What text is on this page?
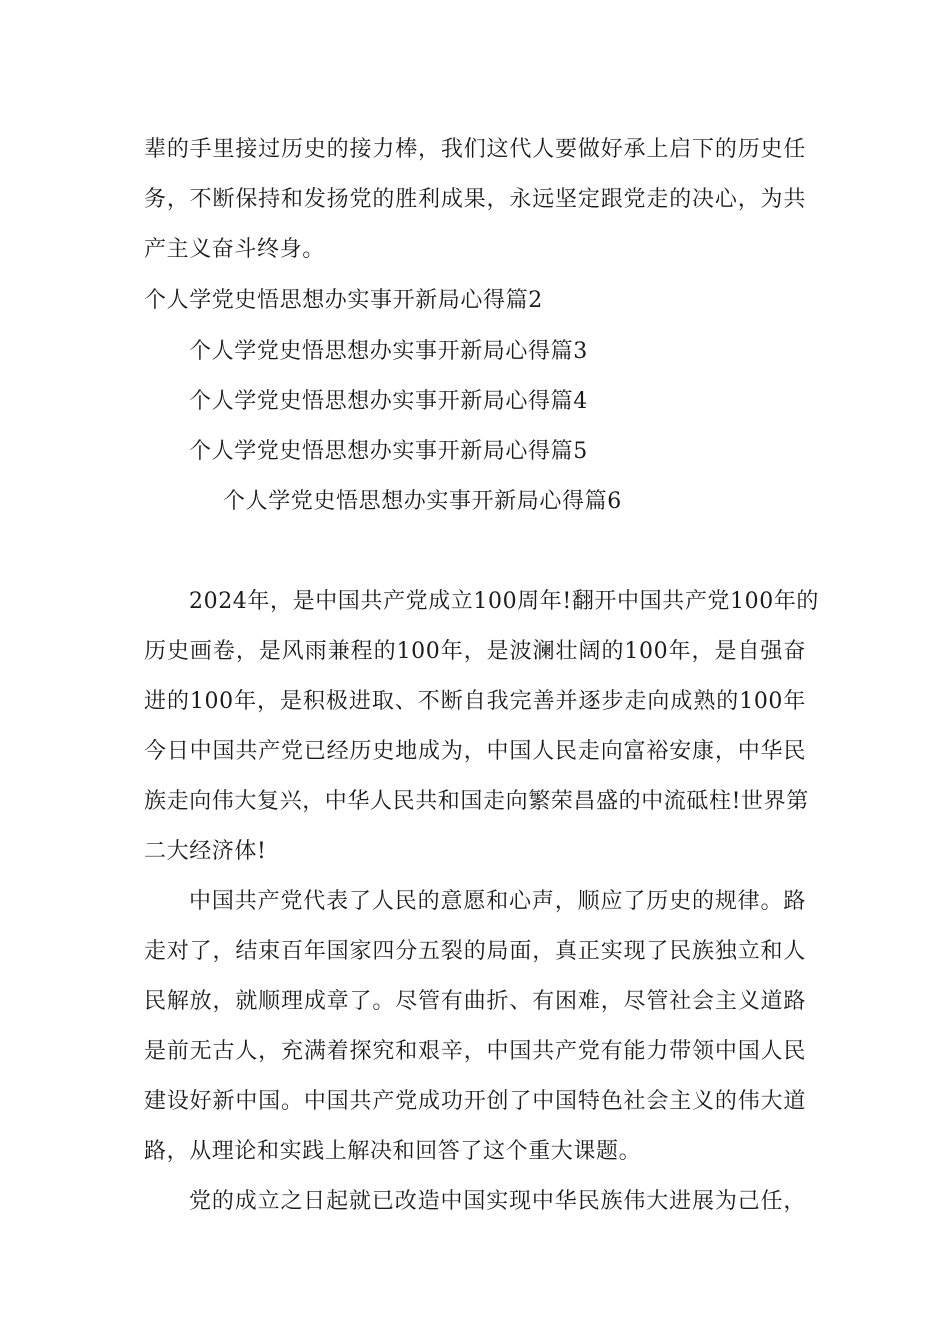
辈的手里接过历史的接力棒，我们这代人要做好承上启下的历史任
务，不断保持和发扬党的胜利成果，永远坚定跟党走的决心，为共
产主义奋斗终身。
个人学党史悟思想办实事开新局心得篇2
个人学党史悟思想办实事开新局心得篇3
个人学党史悟思想办实事开新局心得篇4
个人学党史悟思想办实事开新局心得篇5
个人学党史悟思想办实事开新局心得篇6
2024年，是中国共产党成立100周年!翻开中国共产党100年的
历史画卷，是风雨兼程的100年，是波澜壮阔的100年，是自强奋
进的100年，是积极进取、不断自我完善并逐步走向成熟的100年
今日中国共产党已经历史地成为，中国人民走向富裕安康，中华民
族走向伟大复兴，中华人民共和国走向繁荣昌盛的中流砥柱!世界第
二大经济体!
中国共产党代表了人民的意愿和心声，顺应了历史的规律。路
走对了，结束百年国家四分五裂的局面，真正实现了民族独立和人
民解放，就顺理成章了。尽管有曲折、有困难，尽管社会主义道路
是前无古人，充满着探究和艰辛，中国共产党有能力带领中国人民
建设好新中国。中国共产党成功开创了中国特色社会主义的伟大道
路，从理论和实践上解决和回答了这个重大课题。
党的成立之日起就已改造中国实现中华民族伟大进展为己任，
